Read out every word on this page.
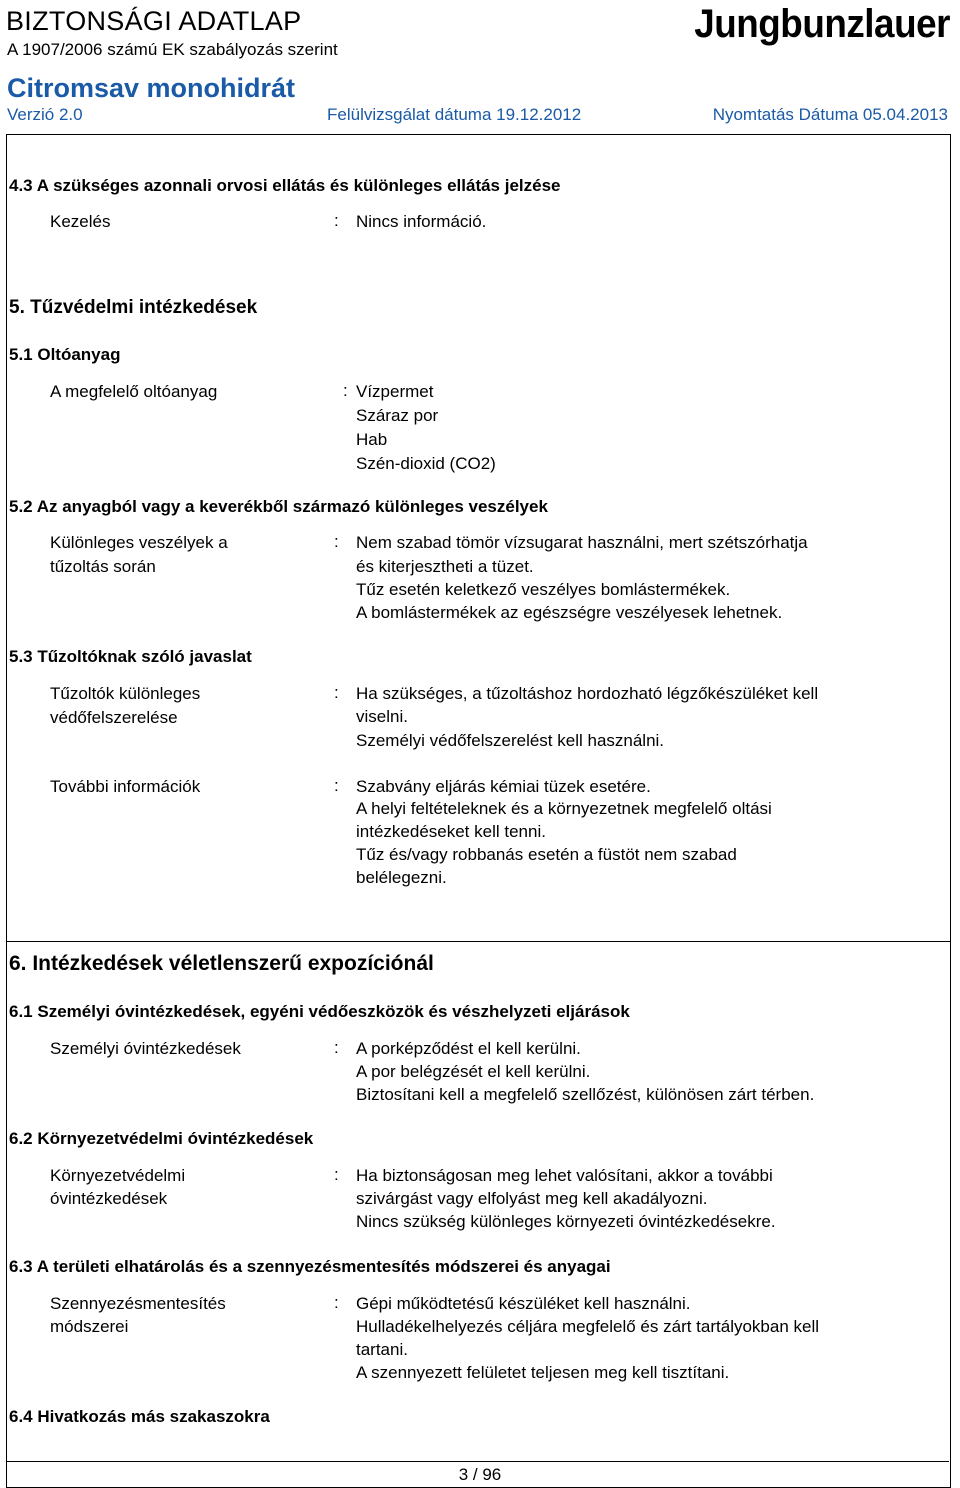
BIZTONSÁGI ADATLAP
A 1907/2006 számú EK szabályozás szerint
Jungbunzlauer
Citromsav monohidrát
Verzió 2.0	Felülvizsgálat dátuma 19.12.2012	Nyomtatás Dátuma 05.04.2013
4.3 A szükséges azonnali orvosi ellátás és különleges ellátás jelzése
Kezelés	: Nincs információ.
5. Tűzvédelmi intézkedések
5.1 Oltóanyag
A megfelelő oltóanyag	: Vízpermet
Száraz por
Hab
Szén-dioxid (CO2)
5.2 Az anyagból vagy a keverékből származó különleges veszélyek
Különleges veszélyek a
tűzoltás során
: Nem szabad tömör vízsugarat használni, mert szétszórhatja
és kiterjesztheti a tüzet.
Tűz esetén keletkező veszélyes bomlástermékek.
A bomlástermékek az egészségre veszélyesek lehetnek.
5.3 Tűzoltóknak szóló javaslat
Tűzoltók különleges
védőfelszerelése
: Ha szükséges, a tűzoltáshoz hordozható légzőkészüléket kell
viselni.
Személyi védőfelszerelést kell használni.
További információk	: Szabvány eljárás kémiai tüzek esetére.
A helyi feltételeknek és a környezetnek megfelelő oltási
intézkedéseket kell tenni.
Tűz és/vagy robbanás esetén a füstöt nem szabad
belélegezni.
6. Intézkedések véletlenszerű expozíciónál
6.1 Személyi óvintézkedések, egyéni védőeszközök és vészhelyzeti eljárások
Személyi óvintézkedések	: A porképződést el kell kerülni.
A por belégzését el kell kerülni.
Biztosítani kell a megfelelő szellőzést, különösen zárt térben.
6.2 Környezetvédelmi óvintézkedések
Környezetvédelmi
óvintézkedések
: Ha biztonságosan meg lehet valósítani, akkor a további
szivárgást vagy elfolyást meg kell akadályozni.
Nincs szükség különleges környezeti óvintézkedésekre.
6.3 A területi elhatárolás és a szennyezésmentesítés módszerei és anyagai
Szennyezésmentesítés
módszerei
: Gépi működtetésű készüléket kell használni.
Hulladékelhelyezés céljára megfelelő és zárt tartályokban kell
tartani.
A szennyezett felületet teljesen meg kell tisztítani.
6.4 Hivatkozás más szakaszokra
3 / 96
